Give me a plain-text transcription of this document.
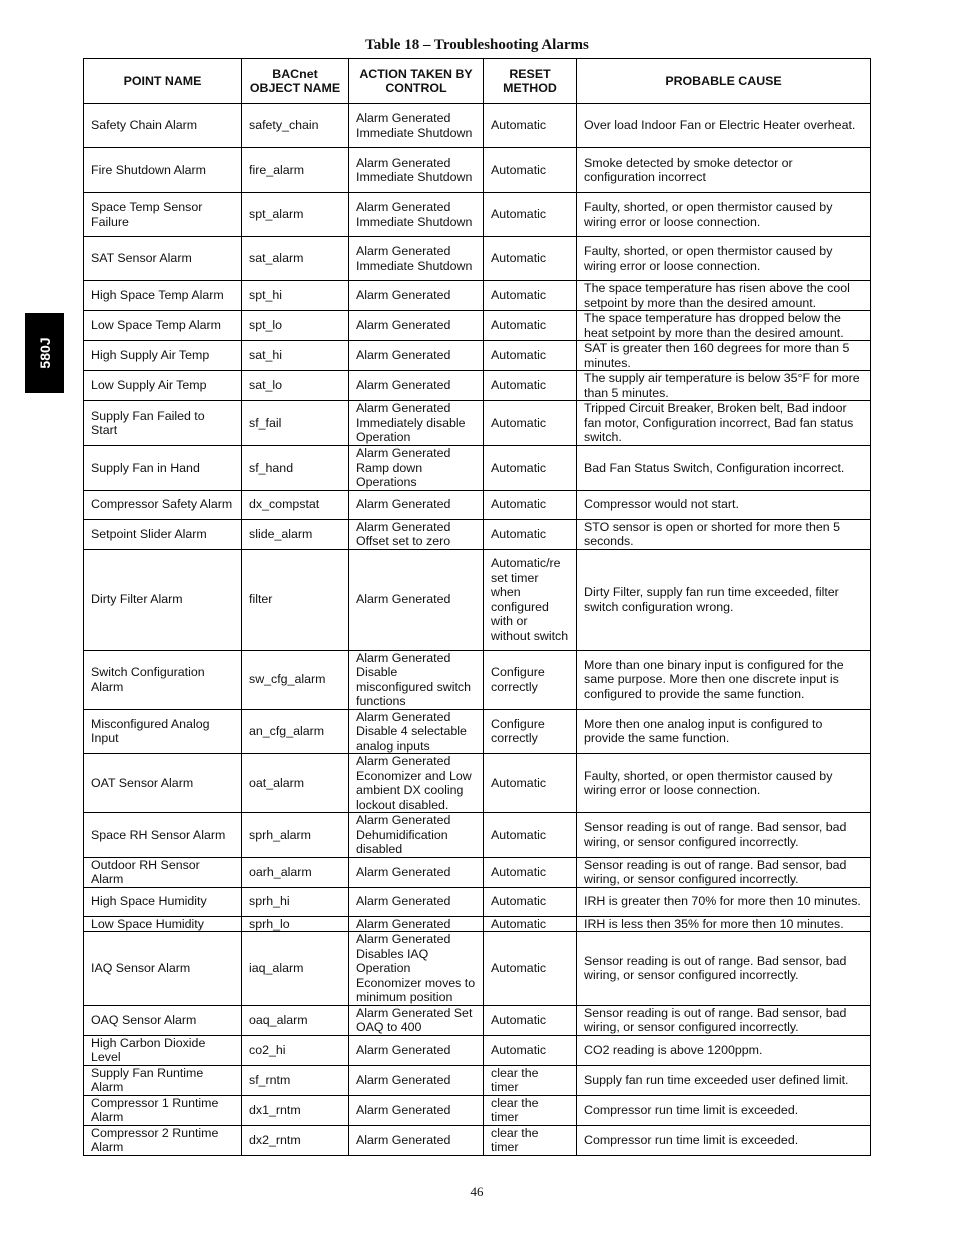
580J
Table 18 – Troubleshooting Alarms
POINT NAME	BACnet OBJECT NAME	ACTION TAKEN BY CONTROL	RESET METHOD	PROBABLE CAUSE
Safety Chain Alarm	safety_chain	Alarm Generated Immediate Shutdown	Automatic	Over load Indoor Fan or Electric Heater overheat.
Fire Shutdown Alarm	fire_alarm	Alarm Generated Immediate Shutdown	Automatic	Smoke detected by smoke detector or configuration incorrect
Space Temp Sensor Failure	spt_alarm	Alarm Generated Immediate Shutdown	Automatic	Faulty, shorted, or open thermistor caused by wiring error or loose connection.
SAT Sensor Alarm	sat_alarm	Alarm Generated Immediate Shutdown	Automatic	Faulty, shorted, or open thermistor caused by wiring error or loose connection.
High Space Temp Alarm	spt_hi	Alarm Generated	Automatic	The space temperature has risen above the cool setpoint by more than the desired amount.
Low Space Temp Alarm	spt_lo	Alarm Generated	Automatic	The space temperature has dropped below the heat setpoint by more than the desired amount.
High Supply Air Temp	sat_hi	Alarm Generated	Automatic	SAT is greater then 160 degrees for more than 5 minutes.
Low Supply Air Temp	sat_lo	Alarm Generated	Automatic	The supply air temperature is below 35°F for more than 5 minutes.
Supply Fan Failed to Start	sf_fail	Alarm Generated Immediately disable Operation	Automatic	Tripped Circuit Breaker, Broken belt, Bad indoor fan motor, Configuration incorrect, Bad fan status switch.
Supply Fan in Hand	sf_hand	Alarm Generated Ramp down Operations	Automatic	Bad Fan Status Switch, Configuration incorrect.
Compressor Safety Alarm	dx_compstat	Alarm Generated	Automatic	Compressor would not start.
Setpoint Slider Alarm	slide_alarm	Alarm Generated Offset set to zero	Automatic	STO sensor is open or shorted for more then 5 seconds.
Dirty Filter Alarm	filter	Alarm Generated	Automatic/re set timer when configured with or without switch	Dirty Filter, supply fan run time exceeded, filter switch configuration wrong.
Switch Configuration Alarm	sw_cfg_alarm	Alarm Generated Disable misconfigured switch functions	Configure correctly	More than one binary input is configured for the same purpose. More then one discrete input is configured to provide the same function.
Misconfigured Analog Input	an_cfg_alarm	Alarm Generated Disable 4 selectable analog inputs	Configure correctly	More then one analog input is configured to provide the same function.
OAT Sensor Alarm	oat_alarm	Alarm Generated Economizer and Low ambient DX cooling lockout disabled.	Automatic	Faulty, shorted, or open thermistor caused by wiring error or loose connection.
Space RH Sensor Alarm	sprh_alarm	Alarm Generated Dehumidification disabled	Automatic	Sensor reading is out of range. Bad sensor, bad wiring, or sensor configured incorrectly.
Outdoor RH Sensor Alarm	oarh_alarm	Alarm Generated	Automatic	Sensor reading is out of range. Bad sensor, bad wiring, or sensor configured incorrectly.
High Space Humidity	sprh_hi	Alarm Generated	Automatic	IRH is greater then 70% for more then 10 minutes.
Low Space Humidity	sprh_lo	Alarm Generated	Automatic	IRH is less then 35% for more then 10 minutes.
IAQ Sensor Alarm	iaq_alarm	Alarm Generated Disables IAQ Operation Economizer moves to minimum position	Automatic	Sensor reading is out of range. Bad sensor, bad wiring, or sensor configured incorrectly.
OAQ Sensor Alarm	oaq_alarm	Alarm Generated Set OAQ to 400	Automatic	Sensor reading is out of range. Bad sensor, bad wiring, or sensor configured incorrectly.
High Carbon Dioxide Level	co2_hi	Alarm Generated	Automatic	CO2 reading is above 1200ppm.
Supply Fan Runtime Alarm	sf_rntm	Alarm Generated	clear the timer	Supply fan run time exceeded user defined limit.
Compressor 1 Runtime Alarm	dx1_rntm	Alarm Generated	clear the timer	Compressor run time limit is exceeded.
Compressor 2 Runtime Alarm	dx2_rntm	Alarm Generated	clear the timer	Compressor run time limit is exceeded.
46
